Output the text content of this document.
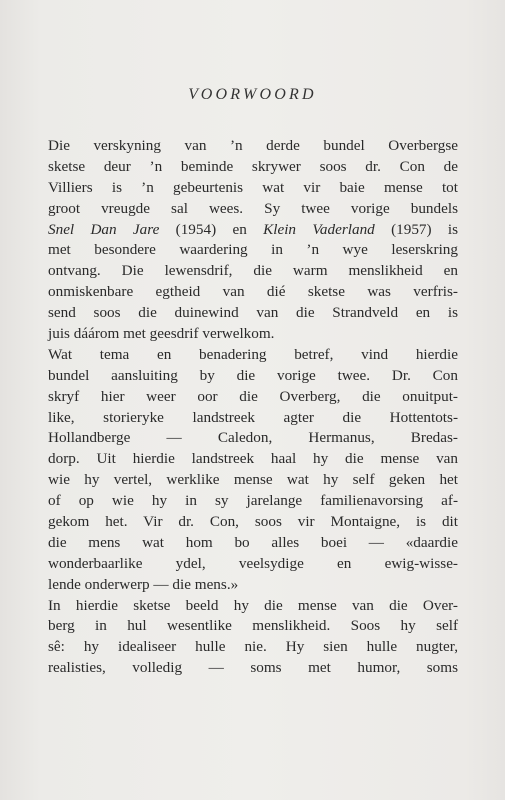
VOORWOORD
Die verskyning van ’n derde bundel Overbergse
sketse deur ’n beminde skrywer soos dr. Con de
Villiers is ’n gebeurtenis wat vir baie mense tot
groot vreugde sal wees. Sy twee vorige bundels
Snel Dan Jare (1954) en Klein Vaderland (1957) is
met besondere waardering in ’n wye leserskring
ontvang. Die lewensdrif, die warm menslikheid en
onmiskenbare egtheid van dié sketse was verfris-
send soos die duinewind van die Strandveld en is
juis dáárom met geesdrif verwelkom.
Wat tema en benadering betref, vind hierdie
bundel aansluiting by die vorige twee. Dr. Con
skryf hier weer oor die Overberg, die onuitput-
like, storieryke landstreek agter die Hottentots-
Hollandberge — Caledon, Hermanus, Bredas-
dorp. Uit hierdie landstreek haal hy die mense van
wie hy vertel, werklike mense wat hy self geken het
of op wie hy in sy jarelange familienavorsing af-
gekom het. Vir dr. Con, soos vir Montaigne, is dit
die mens wat hom bo alles boei — «daardie
wonderbaarlike ydel, veelsydige en ewig-wisse-
lende onderwerp — die mens.»
In hierdie sketse beeld hy die mense van die Over-
berg in hul wesentlike menslikheid. Soos hy self
sê: hy idealiseer hulle nie. Hy sien hulle nugter,
realisties, volledig — soms met humor, soms
